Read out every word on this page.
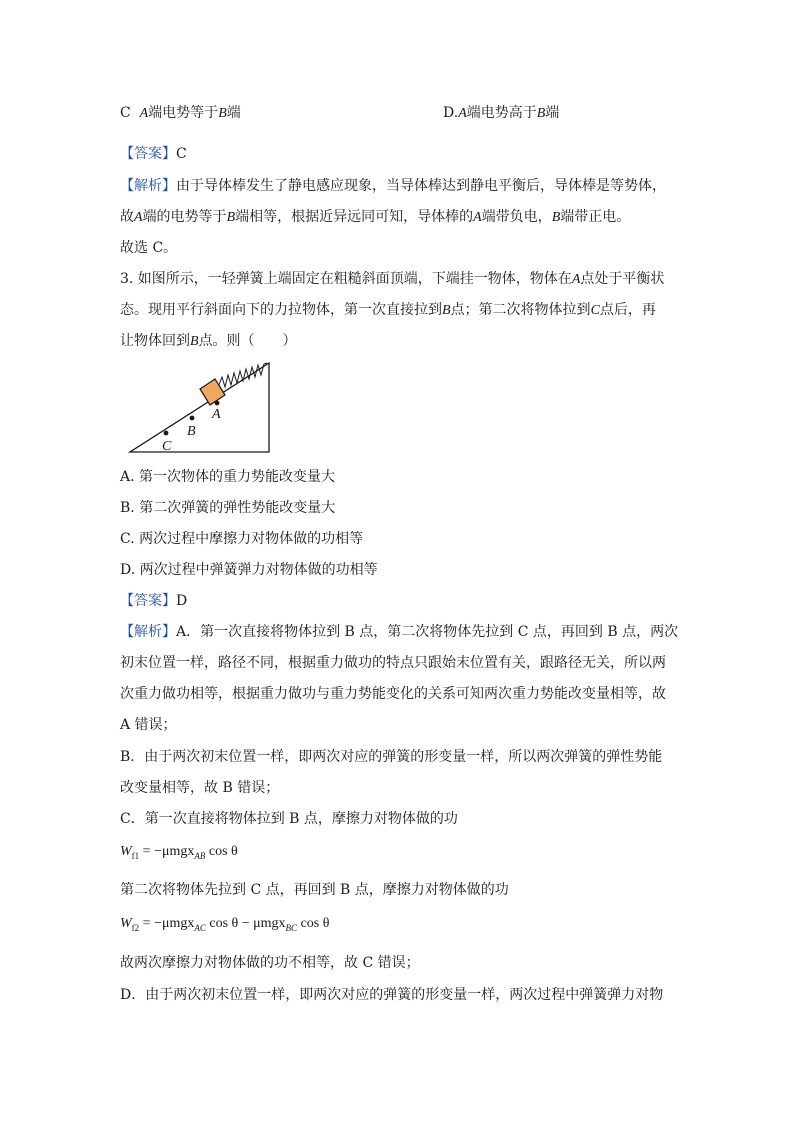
C A端电势等于B端	D.A端电势高于B端
【答案】C
【解析】由于导体棒发生了静电感应现象，当导体棒达到静电平衡后，导体棒是等势体，
故A端的电势等于B端相等，根据近异远同可知，导体棒的A端带负电，B端带正电。
故选 C。
3. 如图所示，一轻弹簧上端固定在粗糙斜面顶端，下端挂一物体，物体在A点处于平衡状
态。现用平行斜面向下的力拉物体，第一次直接拉到B点；第二次将物体拉到C点后，再
让物体回到B点。则（　　）
A
B
C
A. 第一次物体的重力势能改变量大
B. 第二次弹簧的弹性势能改变量大
C. 两次过程中摩擦力对物体做的功相等
D. 两次过程中弹簧弹力对物体做的功相等
【答案】D
【解析】A．第一次直接将物体拉到 B 点，第二次将物体先拉到 C 点，再回到 B 点，两次
初末位置一样，路径不同，根据重力做功的特点只跟始末位置有关，跟路径无关，所以两
次重力做功相等，根据重力做功与重力势能变化的关系可知两次重力势能改变量相等，故
A 错误；
B．由于两次初末位置一样，即两次对应的弹簧的形变量一样，所以两次弹簧的弹性势能
改变量相等，故 B 错误；
C．第一次直接将物体拉到 B 点，摩擦力对物体做的功
$W_{f1} = -\mu mgx_{AB}$ cos θ
第二次将物体先拉到 C 点，再回到 B 点，摩擦力对物体做的功
$W_{f2} = -\mu mgx_{AC}$ cos θ − μmgx$_{BC}$ cos θ
故两次摩擦力对物体做的功不相等，故 C 错误；
D．由于两次初末位置一样，即两次对应的弹簧的形变量一样，两次过程中弹簧弹力对物
